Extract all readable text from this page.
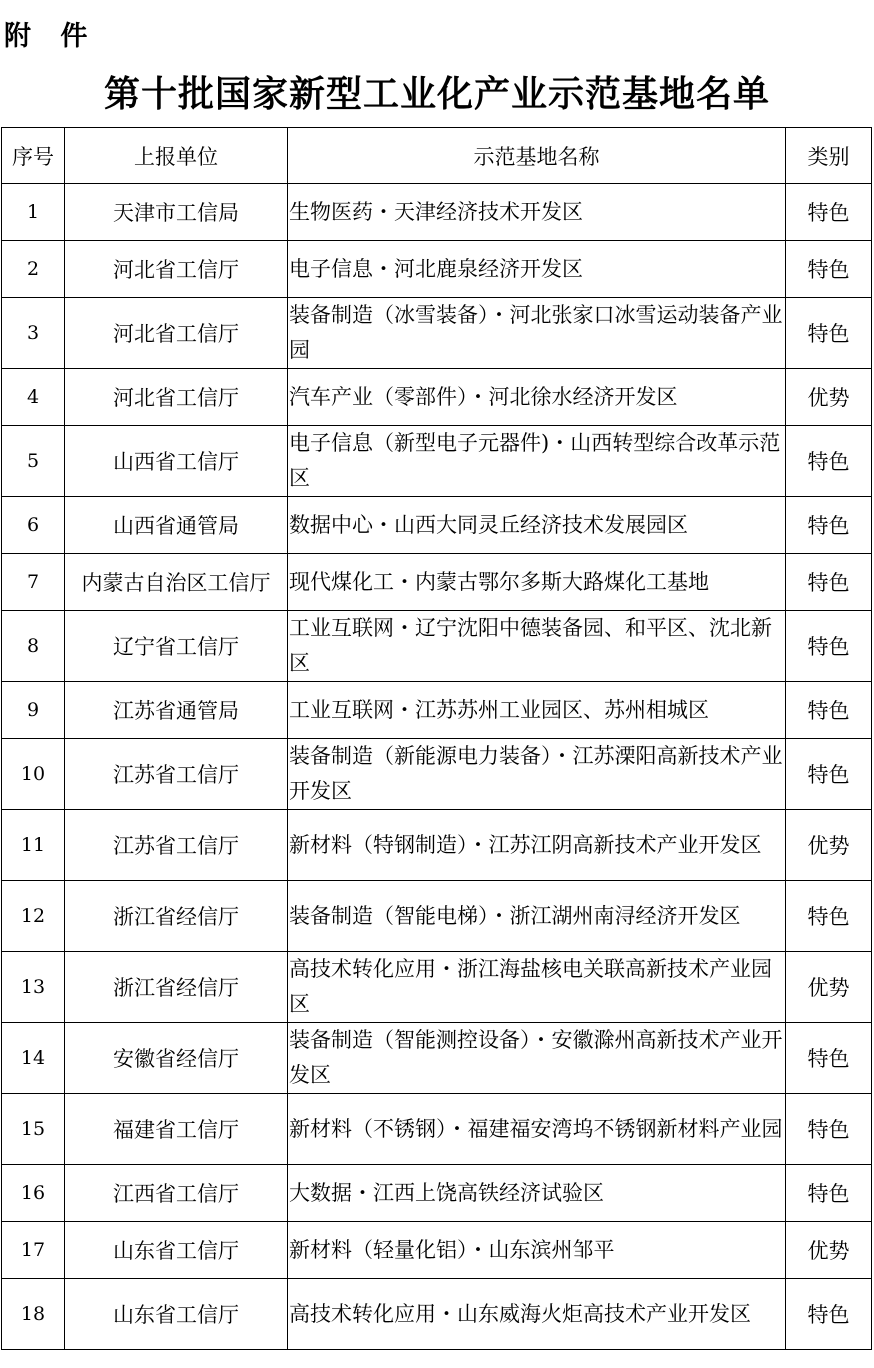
附 件
第十批国家新型工业化产业示范基地名单
序号	上报单位	示范基地名称	类别
1	天津市工信局	生物医药・天津经济技术开发区	特色
2	河北省工信厅	电子信息・河北鹿泉经济开发区	特色
3	河北省工信厅	装备制造（冰雪装备）・河北张家口冰雪运动装备产业园	特色
4	河北省工信厅	汽车产业（零部件）・河北徐水经济开发区	优势
5	山西省工信厅	电子信息（新型电子元器件)・山西转型综合改革示范区	特色
6	山西省通管局	数据中心・山西大同灵丘经济技术发展园区	特色
7	内蒙古自治区工信厅	现代煤化工・内蒙古鄂尔多斯大路煤化工基地	特色
8	辽宁省工信厅	工业互联网・辽宁沈阳中德装备园、和平区、沈北新区	特色
9	江苏省通管局	工业互联网・江苏苏州工业园区、苏州相城区	特色
10	江苏省工信厅	装备制造（新能源电力装备）・江苏溧阳高新技术产业开发区	特色
11	江苏省工信厅	新材料（特钢制造）・江苏江阴高新技术产业开发区	优势
12	浙江省经信厅	装备制造（智能电梯）・浙江湖州南浔经济开发区	特色
13	浙江省经信厅	高技术转化应用・浙江海盐核电关联高新技术产业园区	优势
14	安徽省经信厅	装备制造（智能测控设备）・安徽滁州高新技术产业开发区	特色
15	福建省工信厅	新材料（不锈钢）・福建福安湾坞不锈钢新材料产业园	特色
16	江西省工信厅	大数据・江西上饶高铁经济试验区	特色
17	山东省工信厅	新材料（轻量化铝）・山东滨州邹平	优势
18	山东省工信厅	高技术转化应用・山东威海火炬高技术产业开发区	特色
